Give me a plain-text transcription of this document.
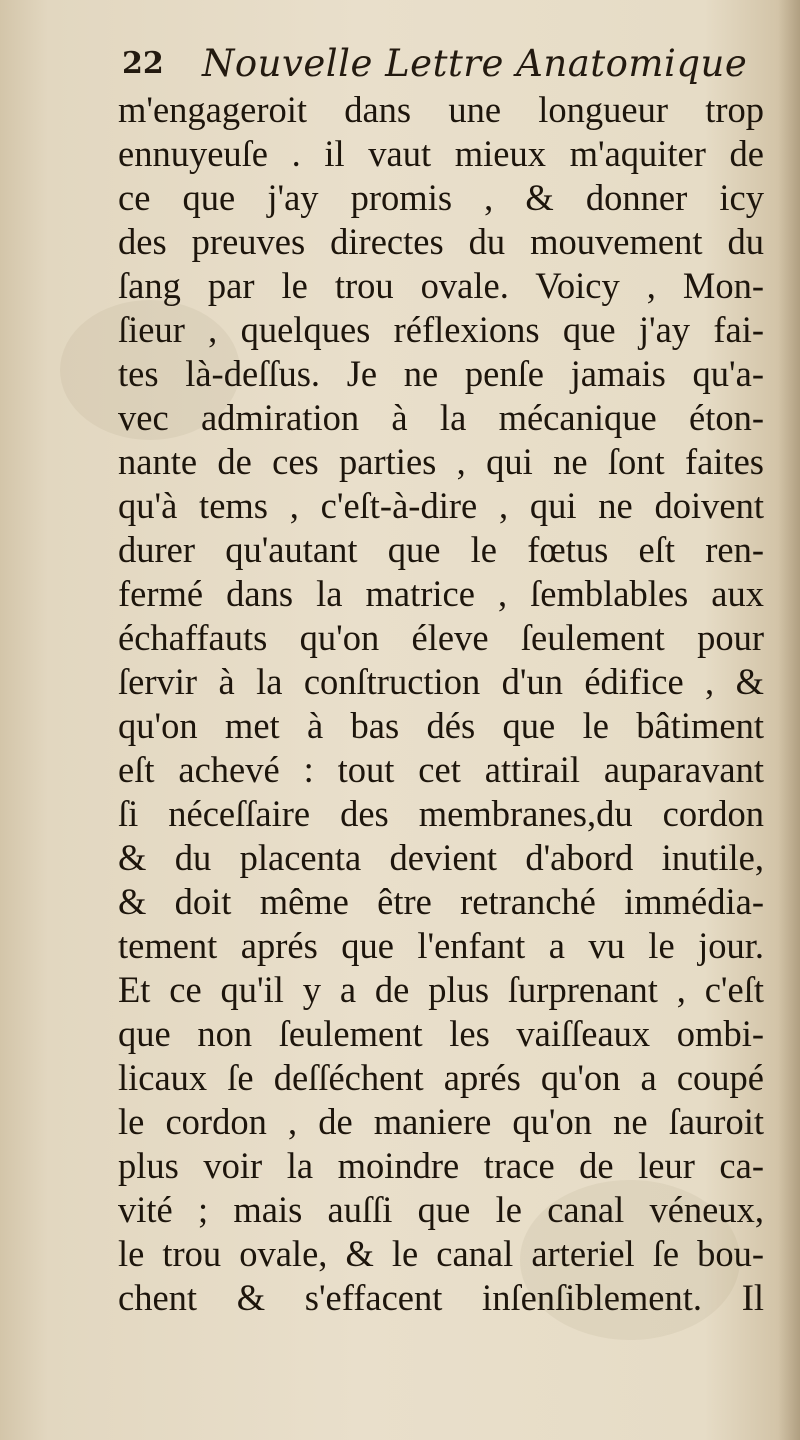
22 Nouvelle Lettre Anatomique
m'engageroit dans une longueur trop
ennuyeuſe . il vaut mieux m'aquiter de
ce que j'ay promis , & donner icy
des preuves directes du mouvement du
ſang par le trou ovale. Voicy , Mon-
ſieur , quelques réflexions que j'ay fai-
tes là-deſſus. Je ne penſe jamais qu'a-
vec admiration à la mécanique éton-
nante de ces parties , qui ne ſont faites
qu'à tems , c'eſt-à-dire , qui ne doivent
durer qu'autant que le fœtus eſt ren-
fermé dans la matrice , ſemblables aux
échaffauts qu'on éleve ſeulement pour
ſervir à la conſtruction d'un édifice , &
qu'on met à bas dés que le bâtiment
eſt achevé : tout cet attirail auparavant
ſi néceſſaire des membranes,du cordon
& du placenta devient d'abord inutile,
& doit même être retranché immédia-
tement aprés que l'enfant a vu le jour.
Et ce qu'il y a de plus ſurprenant , c'eſt
que non ſeulement les vaiſſeaux ombi-
licaux ſe deſſéchent aprés qu'on a coupé
le cordon , de maniere qu'on ne ſauroit
plus voir la moindre trace de leur ca-
vité ; mais auſſi que le canal véneux,
le trou ovale, & le canal arteriel ſe bou-
chent & s'effacent inſenſiblement. Il
